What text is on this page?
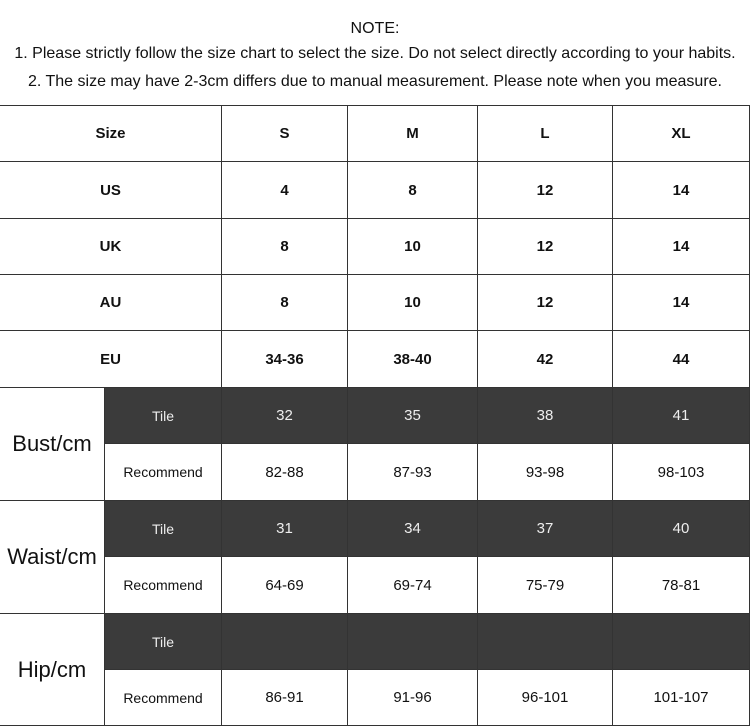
NOTE:
1. Please strictly follow the size chart to select the size. Do not select directly according to your habits.
2. The size may have 2-3cm differs due to manual measurement. Please note when you measure.
Size	S	M	L	XL
US	4	8	12	14
UK	8	10	12	14
AU	8	10	12	14
EU	34-36	38-40	42	44
Bust/cm
Tile	32	35	38	41
Recommend	82-88	87-93	93-98	98-103
Waist/cm
Tile	31	34	37	40
Recommend	64-69	69-74	75-79	78-81
Hip/cm
Tile
Recommend	86-91	91-96	96-101	101-107
